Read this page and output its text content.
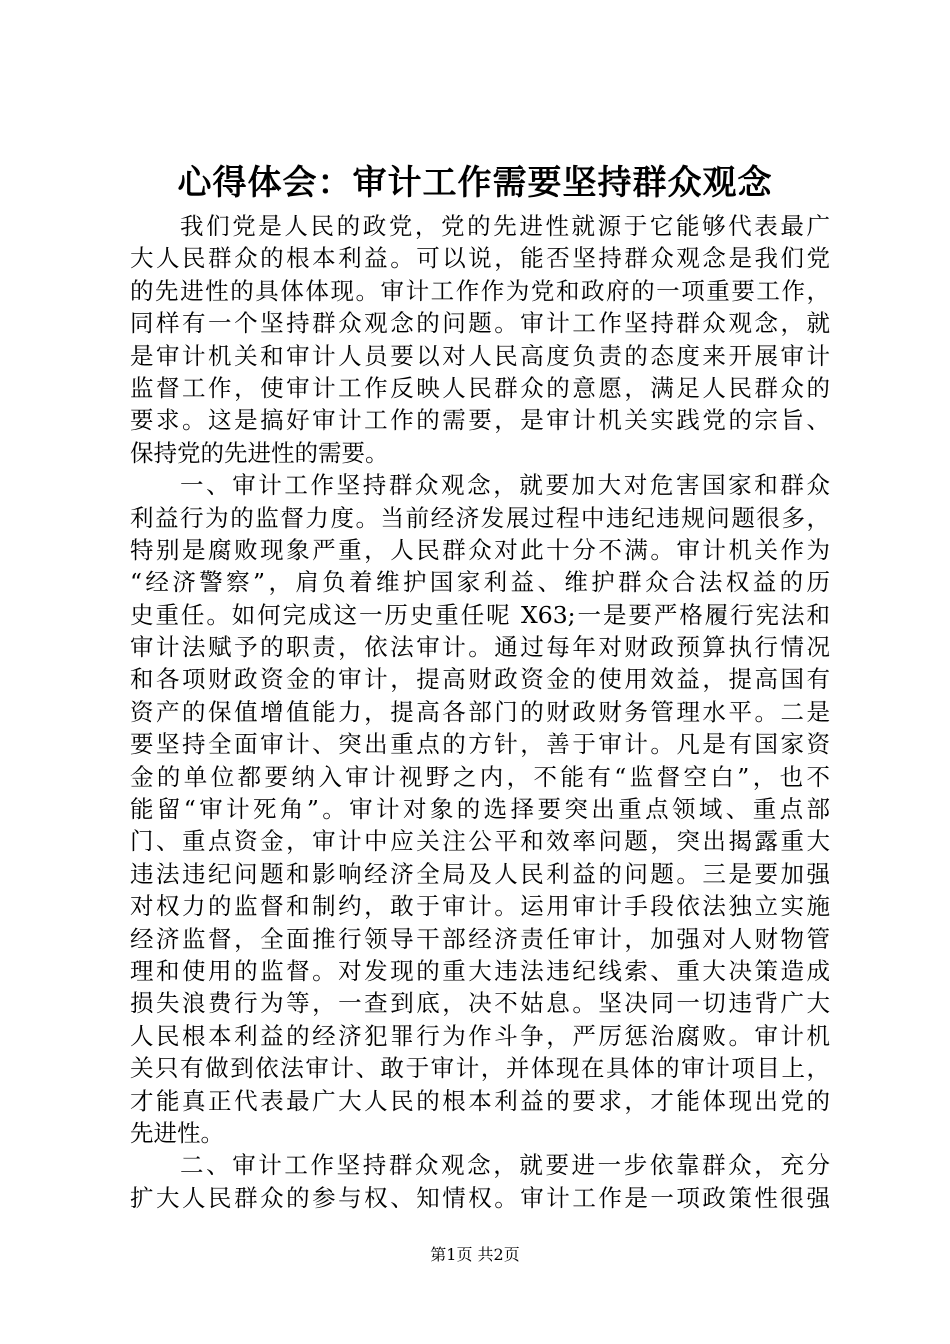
心得体会：审计工作需要坚持群众观念
我们党是人民的政党，党的先进性就源于它能够代表最广
大人民群众的根本利益。可以说，能否坚持群众观念是我们党
的先进性的具体体现。审计工作作为党和政府的一项重要工作，
同样有一个坚持群众观念的问题。审计工作坚持群众观念，就
是审计机关和审计人员要以对人民高度负责的态度来开展审计
监督工作，使审计工作反映人民群众的意愿，满足人民群众的
要求。这是搞好审计工作的需要，是审计机关实践党的宗旨、
保持党的先进性的需要。
一、审计工作坚持群众观念，就要加大对危害国家和群众
利益行为的监督力度。当前经济发展过程中违纪违规问题很多，
特别是腐败现象严重，人民群众对此十分不满。审计机关作为
“经济警察”，肩负着维护国家利益、维护群众合法权益的历
史重任。如何完成这一历史重任呢 X63;一是要严格履行宪法和
审计法赋予的职责，依法审计。通过每年对财政预算执行情况
和各项财政资金的审计，提高财政资金的使用效益，提高国有
资产的保值增值能力，提高各部门的财政财务管理水平。二是
要坚持全面审计、突出重点的方针，善于审计。凡是有国家资
金的单位都要纳入审计视野之内，不能有“监督空白”，也不
能留“审计死角”。审计对象的选择要突出重点领域、重点部
门、重点资金，审计中应关注公平和效率问题，突出揭露重大
违法违纪问题和影响经济全局及人民利益的问题。三是要加强
对权力的监督和制约，敢于审计。运用审计手段依法独立实施
经济监督，全面推行领导干部经济责任审计，加强对人财物管
理和使用的监督。对发现的重大违法违纪线索、重大决策造成
损失浪费行为等，一查到底，决不姑息。坚决同一切违背广大
人民根本利益的经济犯罪行为作斗争，严厉惩治腐败。审计机
关只有做到依法审计、敢于审计，并体现在具体的审计项目上，
才能真正代表最广大人民的根本利益的要求，才能体现出党的
先进性。
二、审计工作坚持群众观念，就要进一步依靠群众，充分
扩大人民群众的参与权、知情权。审计工作是一项政策性很强
第1页 共2页
